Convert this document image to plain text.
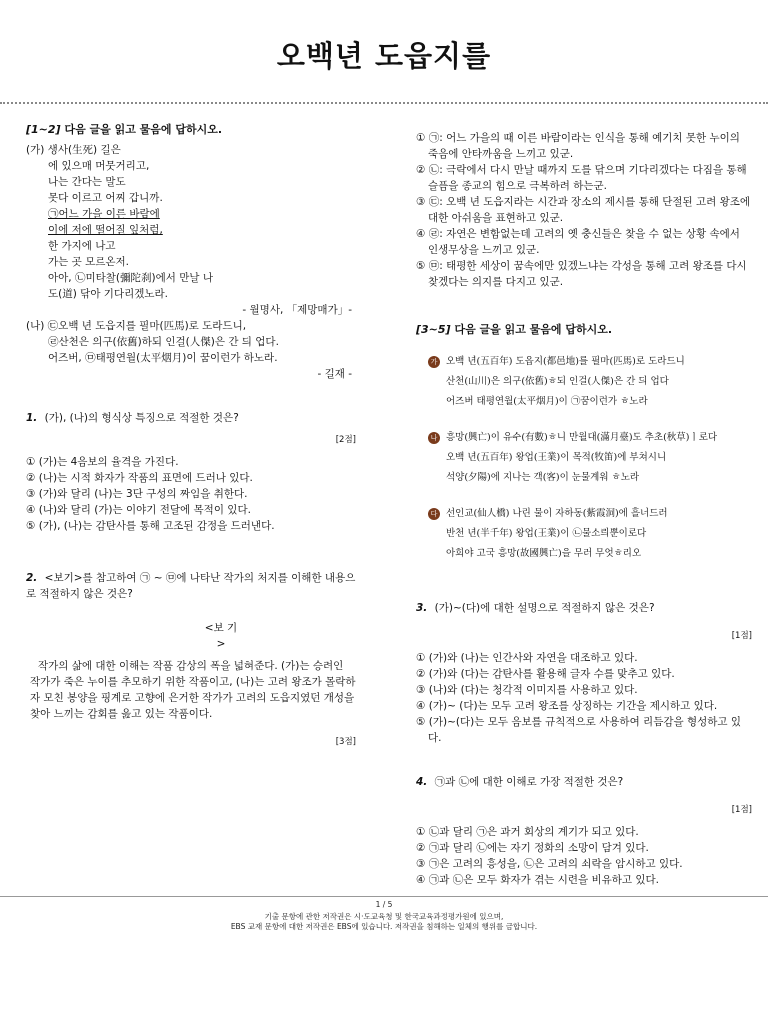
오백년 도읍지를
[1~2] 다음 글을 읽고 물음에 답하시오.
(가) 생사(生死) 길은
에 있으매 머뭇거리고,
나는 간다는 말도
못다 이르고 어찌 갑니까.
㉠어느 가을 이른 바람에
이에 저에 떨어질 잎처럼,
한 가지에 나고
가는 곳 모르온저.
아아, ㉡미타찰(彌陀刹)에서 만날 나
도(道) 닦아 기다리겠노라.
- 월명사, 「제망매가」-
(나) ㉢오백 년 도읍지를 필마(匹馬)로 도라드니,
㉣산천은 의구(依舊)하되 인걸(人傑)은 간 듸 업다.
어즈버, ㉤태평연월(太平烟月)이 꿈이런가 하노라.
- 길재 -
1. (가), (나)의 형식상 특징으로 적절한 것은?
[2점]
① (가)는 4음보의 율격을 가진다.
② (나)는 시적 화자가 작품의 표면에 드러나 있다.
③ (가)와 달리 (나)는 3단 구성의 짜임을 취한다.
④ (나)와 달리 (가)는 이야기 전달에 목적이 있다.
⑤ (가), (나)는 감탄사를 통해 고조된 감정을 드러낸다.
2. <보기>를 참고하여 ㉠ ~ ㉤에 나타난 작가의 처지를 이해한 내용으로 적절하지 않은 것은?
<보 기
>
작가의 삶에 대한 이해는 작품 감상의 폭을 넓혀준다. (가)는 승려인 작가가 죽은 누이를 추모하기 위한 작품이고, (나)는 고려 왕조가 몰락하자 모친 봉양을 핑계로 고향에 은거한 작가가 고려의 도읍지였던 개성을 찾아 느끼는 감회를 읊고 있는 작품이다.
[3점]
① ㉠: 어느 가을의 때 이른 바람이라는 인식을 통해 예기치 못한 누이의 죽음에 안타까움을 느끼고 있군.
② ㉡: 극락에서 다시 만날 때까지 도를 닦으며 기다리겠다는 다짐을 통해 슬픔을 종교의 힘으로 극복하려 하는군.
③ ㉢: 오백 년 도읍지라는 시간과 장소의 제시를 통해 단절된 고려 왕조에 대한 아쉬움을 표현하고 있군.
④ ㉣: 자연은 변함없는데 고려의 옛 충신들은 찾을 수 없는 상황 속에서 인생무상을 느끼고 있군.
⑤ ㉤: 태평한 세상이 꿈속에만 있겠느냐는 각성을 통해 고려 왕조를 다시 찾겠다는 의지를 다지고 있군.
[3~5] 다음 글을 읽고 물음에 답하시오.
가 오백 년(五百年) 도읍지(都邑地)를 필마(匹馬)로 도라드니
산천(山川)은 의구(依舊)ㅎ되 인걸(人傑)은 간 듸 업다
어즈버 태평연월(太平烟月)이 ㉠꿈이런가 ㅎ노라
나 흥망(興亡)이 유수(有數)ㅎ니 만월대(滿月臺)도 추초(秋草)ㅣ로다
오백 년(五百年) 왕업(王業)이 목적(牧笛)에 부쳐시니
석양(夕陽)에 지나는 객(客)이 눈물계워 ㅎ노라
다 선인교(仙人橋) 나린 물이 자하동(紫霞洞)에 흘너드러
반천 년(半千年) 왕업(王業)이 ㉡물소릐뿐이로다
아희야 고국 흥망(故國興亡)을 무러 무엇ㅎ리오
3. (가)~(다)에 대한 설명으로 적절하지 않은 것은?
[1점]
① (가)와 (나)는 인간사와 자연을 대조하고 있다.
② (가)와 (다)는 감탄사를 활용해 글자 수를 맞추고 있다.
③ (나)와 (다)는 청각적 이미지를 사용하고 있다.
④ (가)~ (다)는 모두 고려 왕조를 상징하는 기간을 제시하고 있다.
⑤ (가)~(다)는 모두 음보를 규칙적으로 사용하여 리듬감을 형성하고 있다.
4. ㉠과 ㉡에 대한 이해로 가장 적절한 것은?
[1점]
① ㉡과 달리 ㉠은 과거 회상의 계기가 되고 있다.
② ㉠과 달리 ㉡에는 자기 정화의 소망이 담겨 있다.
③ ㉠은 고려의 흥성을, ㉡은 고려의 쇠락을 암시하고 있다.
④ ㉠과 ㉡은 모두 화자가 겪는 시련을 비유하고 있다.
1 / 5
기출 문항에 관한 저작권은 시·도교육청 및 한국교육과정평가원에 있으며,
EBS 교재 문항에 대한 저작권은 EBS에 있습니다. 저작권을 침해하는 일체의 행위를 금합니다.
